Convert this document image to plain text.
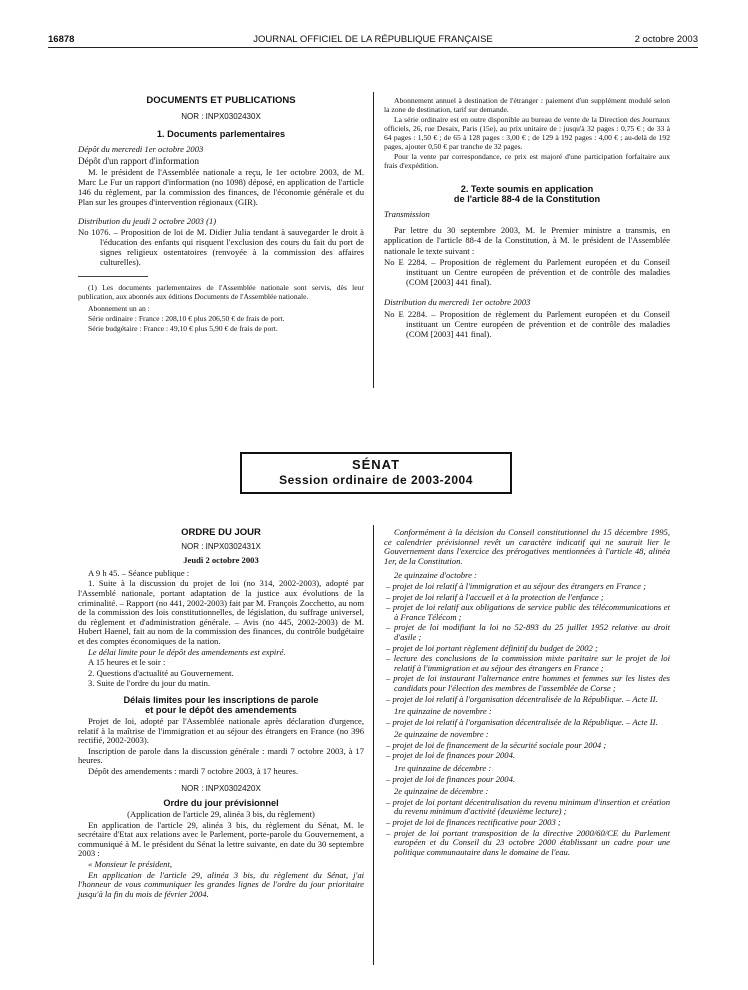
16878	JOURNAL OFFICIEL DE LA RÉPUBLIQUE FRANÇAISE	2 octobre 2003
DOCUMENTS ET PUBLICATIONS
NOR : INPX0302430X
1. Documents parlementaires

Dépôt du mercredi 1er octobre 2003

Dépôt d'un rapport d'information

M. le président de l'Assemblée nationale a reçu, le 1er octobre 2003, de M. Marc Le Fur un rapport d'information (no 1098) déposé, en application de l'article 146 du règlement, par la commission des finances, de l'économie générale et du Plan sur les groupes d'intervention régionaux (GIR).

Distribution du jeudi 2 octobre 2003 (1)

No 1076. – Proposition de loi de M. Didier Julia tendant à sauvegarder le droit à l'éducation des enfants qui risquent l'exclusion des cours du fait du port de signes religieux ostentatoires (renvoyée à la commission des affaires culturelles).

(1) Les documents parlementaires de l'Assemblée nationale sont servis, dès leur publication, aux abonnés aux éditions Documents de l'Assemblée nationale.

Abonnement un an :

Série ordinaire : France : 208,10 € plus 206,50 € de frais de port.

Série budgétaire : France : 49,10 € plus 5,90 € de frais de port.

Abonnement annuel à destination de l'étranger : paiement d'un supplément modulé selon la zone de destination, tarif sur demande.

La série ordinaire est en outre disponible au bureau de vente de la Direction des Journaux officiels, 26, rue Desaix, Paris (15e), au prix unitaire de : jusqu'à 32 pages : 0,75 € ; de 33 à 64 pages : 1,50 € ; de 65 à 128 pages : 3,00 € ; de 129 à 192 pages : 4,00 € ; au-delà de 192 pages, ajouter 0,50 € par tranche de 32 pages.

Pour la vente par correspondance, ce prix est majoré d'une participation forfaitaire aux frais d'expédition.

2. Texte soumis en application
de l'article 88-4 de la Constitution

Transmission

Par lettre du 30 septembre 2003, M. le Premier ministre a transmis, en application de l'article 88-4 de la Constitution, à M. le président de l'Assemblée nationale le texte suivant :

No E 2284. – Proposition de règlement du Parlement européen et du Conseil instituant un Centre européen de prévention et de contrôle des maladies (COM [2003] 441 final).

Distribution du mercredi 1er octobre 2003

No E 2284. – Proposition de règlement du Parlement européen et du Conseil instituant un Centre européen de prévention et de contrôle des maladies (COM [2003] 441 final).

SÉNAT
Session ordinaire de 2003-2004
ORDRE DU JOUR
NOR : INPX0302431X

Jeudi 2 octobre 2003

A 9 h 45. – Séance publique :

1. Suite à la discussion du projet de loi (no 314, 2002-2003), adopté par l'Assemblé nationale, portant adaptation de la justice aux évolutions de la criminalité. – Rapport (no 441, 2002-2003) fait par M. François Zocchetto, au nom de la commission des lois constitutionnelles, de législation, du suffrage universel, du règlement et d'administration générale. – Avis (no 445, 2002-2003) de M. Hubert Haenel, fait au nom de la commission des finances, du contrôle budgétaire et des comptes économiques de la nation.

Le délai limite pour le dépôt des amendements est expiré.

A 15 heures et le soir :

2. Questions d'actualité au Gouvernement.

3. Suite de l'ordre du jour du matin.

Délais limites pour les inscriptions de parole
et pour le dépôt des amendements

Projet de loi, adopté par l'Assemblée nationale après déclaration d'urgence, relatif à la maîtrise de l'immigration et au séjour des étrangers en France (no 396 rectifié, 2002-2003).

Inscription de parole dans la discussion générale : mardi 7 octobre 2003, à 17 heures.

Dépôt des amendements : mardi 7 octobre 2003, à 17 heures.

NOR : INPX0302420X
Ordre du jour prévisionnel

(Application de l'article 29, alinéa 3 bis, du règlement)

En application de l'article 29, alinéa 3 bis, du règlement du Sénat, M. le secrétaire d'Etat aux relations avec le Parlement, porte-parole du Gouvernement, a communiqué à M. le président du Sénat la lettre suivante, en date du 30 septembre 2003 :

« Monsieur le président,

En application de l'article 29, alinéa 3 bis, du règlement du Sénat, j'ai l'honneur de vous communiquer les grandes lignes de l'ordre du jour prioritaire jusqu'à la fin du mois de février 2004.

Conformément à la décision du Conseil constitutionnel du 15 décembre 1995, ce calendrier prévisionnel revêt un caractère indicatif qui ne saurait lier le Gouvernement dans l'exercice des prérogatives mentionnées à l'article 48, alinéa 1er, de la Constitution.

2e quinzaine d'octobre :

– projet de loi relatif à l'immigration et au séjour des étrangers en France ;

– projet de loi relatif à l'accueil et à la protection de l'enfance ;

– projet de loi relatif aux obligations de service public des télécommunications et à France Télécom ;

– projet de loi modifiant la loi no 52-893 du 25 juillet 1952 relative au droit d'asile ;

– projet de loi portant règlement définitif du budget de 2002 ;

– lecture des conclusions de la commission mixte paritaire sur le projet de loi relatif à l'immigration et au séjour des étrangers en France ;

– projet de loi instaurant l'alternance entre hommes et femmes sur les listes des candidats pour l'élection des membres de l'assemblée de Corse ;

– projet de loi relatif à l'organisation décentralisée de la République. – Acte II.

1re quinzaine de novembre :

– projet de loi relatif à l'organisation décentralisée de la République. – Acte II.

2e quinzaine de novembre :

– projet de loi de financement de la sécurité sociale pour 2004 ;

– projet de loi de finances pour 2004.

1re quinzaine de décembre :

– projet de loi de finances pour 2004.

2e quinzaine de décembre :

– projet de loi portant décentralisation du revenu minimum d'insertion et création du revenu minimum d'activité (deuxième lecture) ;

– projet de loi de finances rectificative pour 2003 ;

– projet de loi portant transposition de la directive 2000/60/CE du Parlement européen et du Conseil du 23 octobre 2000 établissant un cadre pour une politique communautaire dans le domaine de l'eau.
